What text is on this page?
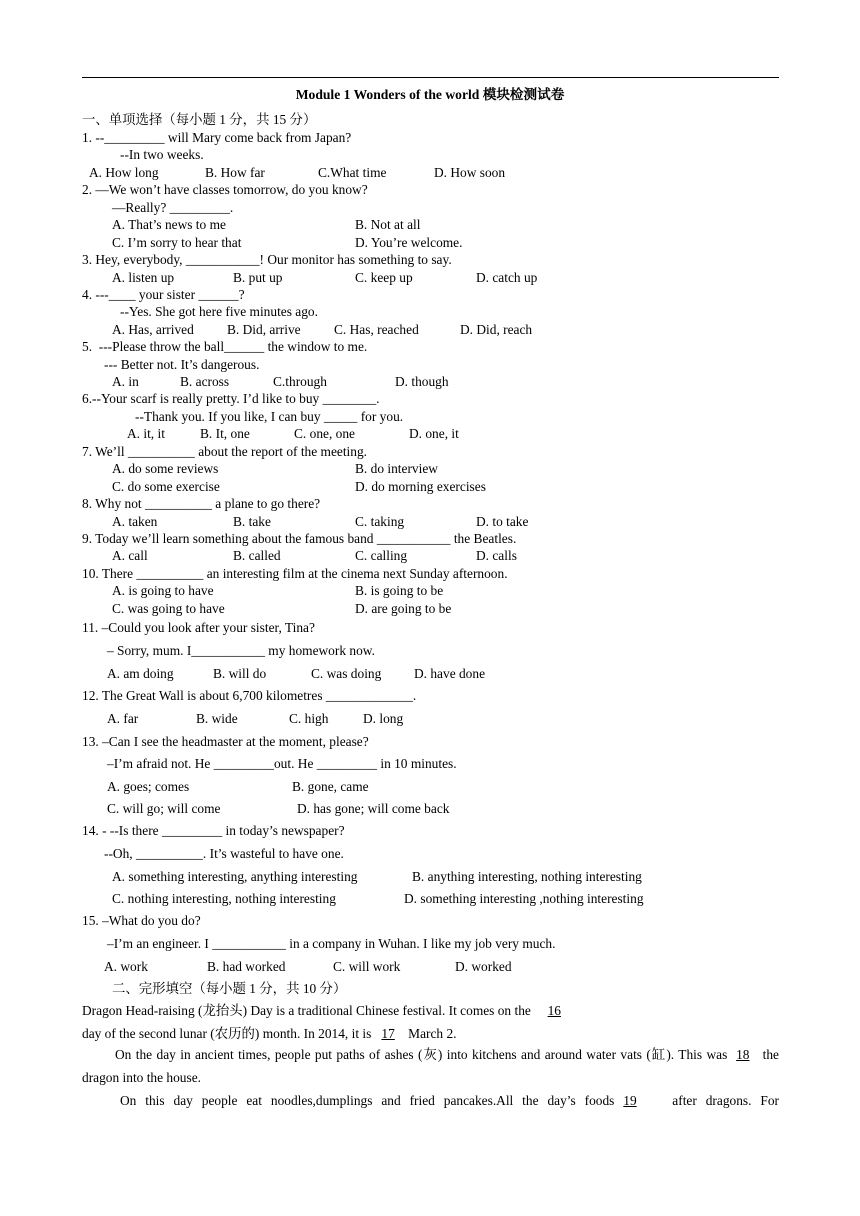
Module 1 Wonders of the world 模块检测试卷
一、单项选择（每小题 1 分，共 15 分）
1. --_________ will Mary come back from Japan?
--In two weeks.
A. How long	B. How far	C.What time	D. How soon
2. —We won’t have classes tomorrow, do you know?
—Really? _________.
A. That’s news to me	B. Not at all
C. I’m sorry to hear that	D. You’re welcome.
3. Hey, everybody, ___________! Our monitor has something to say.
A. listen up	B. put up	C. keep up	D. catch up
4. ---____ your sister ______?
--Yes. She got here five minutes ago.
A. Has, arrived B. Did, arrive C. Has, reached	D. Did, reach
5.  ---Please throw the ball______ the window to me.
--- Better not. It’s dangerous.
A. in	B. across	C.through	D. though
6.--Your scarf is really pretty. I’d like to buy ________.
--Thank you. If you like, I can buy _____ for you.
A. it, it	B. It, one	C. one, one	D. one, it
7. We’ll __________ about the report of the meeting.
A. do some reviews	B. do interview
C. do some exercise	D. do morning exercises
8. Why not __________ a plane to go there?
A. taken	B. take	C. taking	D. to take
9. Today we’ll learn something about the famous band ___________ the Beatles.
A. call	B. called	C. calling	D. calls
10. There __________ an interesting film at the cinema next Sunday afternoon.
A. is going to have	B. is going to be
C. was going to have	D. are going to be
11. –Could you look after your sister, Tina?
– Sorry, mum. I___________ my homework now.
A. am doing	B. will do	C. was doing D. have done
12. The Great Wall is about 6,700 kilometres _____________.
A. far	B. wide	C. high	D. long
13. –Can I see the headmaster at the moment, please?
–I’m afraid not. He _________out. He _________ in 10 minutes.
A. goes; comes	B. gone, came
C. will go; will come	D. has gone; will come back
14. - --Is there _________ in today’s newspaper?
--Oh, __________. It’s wasteful to have one.
A. something interesting, anything interesting	B. anything interesting, nothing interesting
C. nothing interesting, nothing interesting	D. something interesting ,nothing interesting
15. –What do you do?
–I’m an engineer. I ___________ in a company in Wuhan. I like my job very much.
A. work	B. had worked	C. will work	D. worked
二、完形填空（每小题 1 分，共 10 分）
Dragon Head-raising (龙抬头) Day is a traditional Chinese festival. It comes on the 16
day of the second lunar (农历的) month. In 2014, it is 17 March 2.
On the day in ancient times, people put paths of ashes (灰) into kitchens and around water vats (缸). This was 18 the dragon into the house.
On this day people eat noodles,dumplings and fried pancakes.All the day’s foods 19	after dragons. For
